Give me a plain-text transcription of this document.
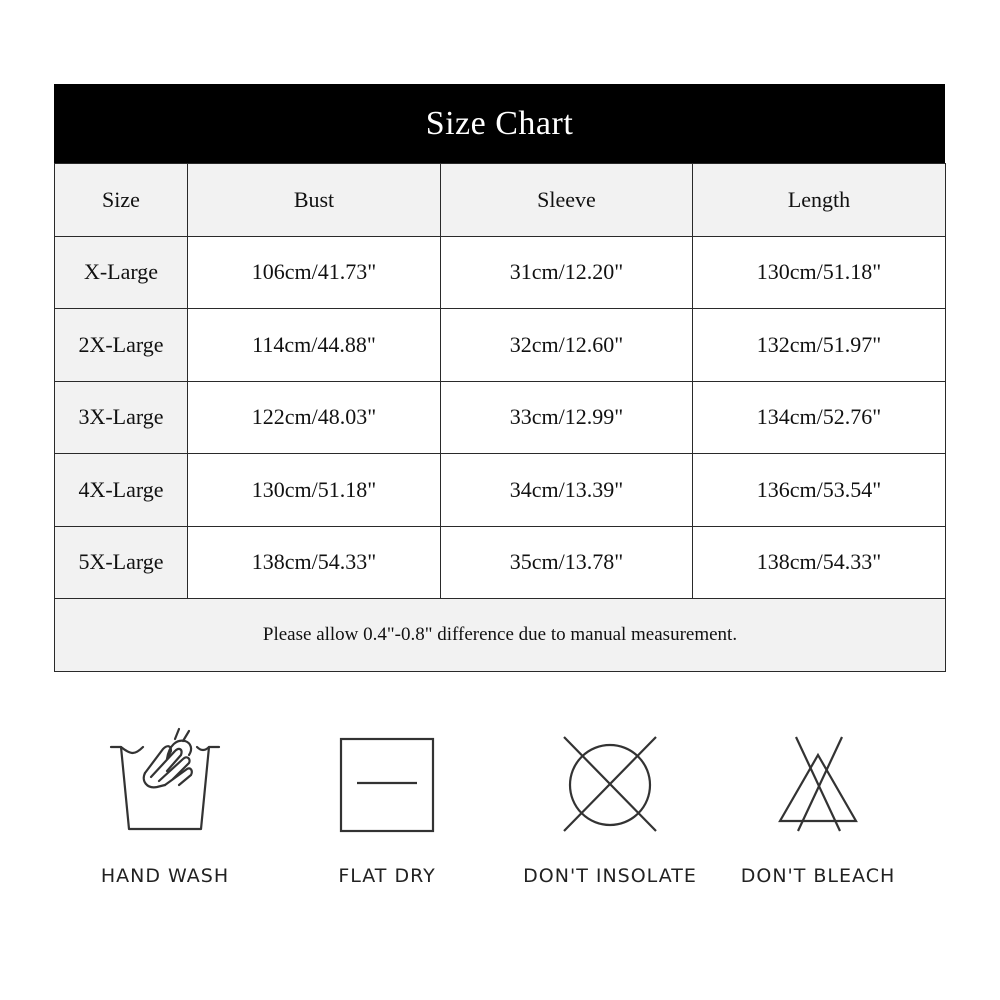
Size Chart
Size	Bust	Sleeve	Length
X-Large	106cm/41.73"	31cm/12.20"	130cm/51.18"
2X-Large	114cm/44.88"	32cm/12.60"	132cm/51.97"
3X-Large	122cm/48.03"	33cm/12.99"	134cm/52.76"
4X-Large	130cm/51.18"	34cm/13.39"	136cm/53.54"
5X-Large	138cm/54.33"	35cm/13.78"	138cm/54.33"
Please allow 0.4"-0.8" difference due to manual measurement.			
HAND WASH	FLAT DRY	DON'T INSOLATE	DON'T BLEACH
